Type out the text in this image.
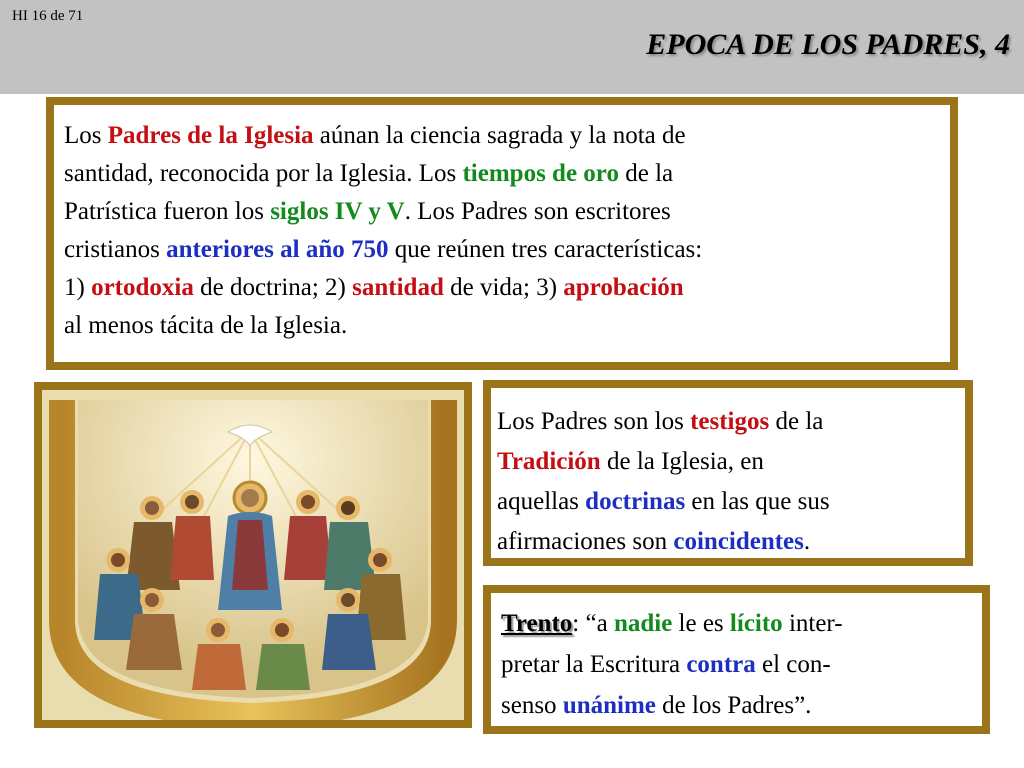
HI 16 de 71
EPOCA DE LOS PADRES, 4
Los Padres de la Iglesia aúnan la ciencia sagrada y la nota de
santidad, reconocida por la Iglesia. Los tiempos de oro de la
Patrística fueron los siglos IV y V. Los Padres son escritores
cristianos anteriores al año 750 que reúnen tres características:
1) ortodoxia de doctrina; 2) santidad de vida; 3) aprobación
al menos tácita de la Iglesia.
Los Padres son los testigos de la
Tradición de la Iglesia, en
aquellas doctrinas en las que sus
afirmaciones son coincidentes.
Trento: “a nadie le es lícito inter-
pretar la Escritura contra el con-
senso unánime de los Padres”.
